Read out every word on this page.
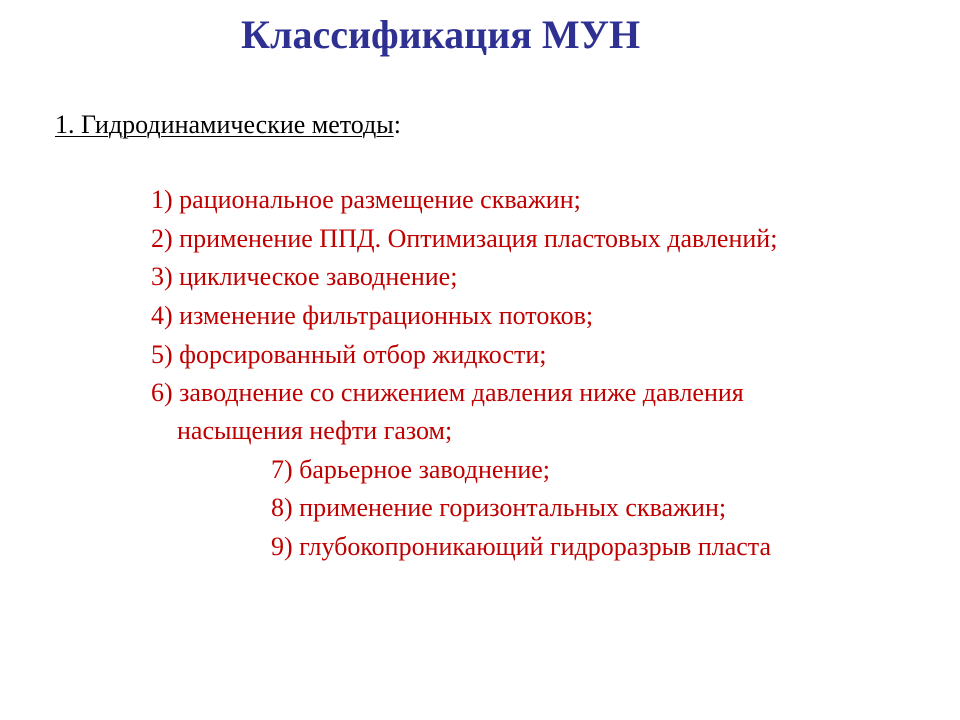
Классификация МУН
1. Гидродинамические методы:
1) рациональное размещение скважин;
2) применение ППД. Оптимизация пластовых давлений;
3) циклическое заводнение;
4) изменение фильтрационных потоков;
5) форсированный отбор жидкости;
6) заводнение со снижением давления ниже давления
насыщения нефти газом;
7) барьерное заводнение;
8) применение горизонтальных скважин;
9) глубокопроникающий гидроразрыв пласта
